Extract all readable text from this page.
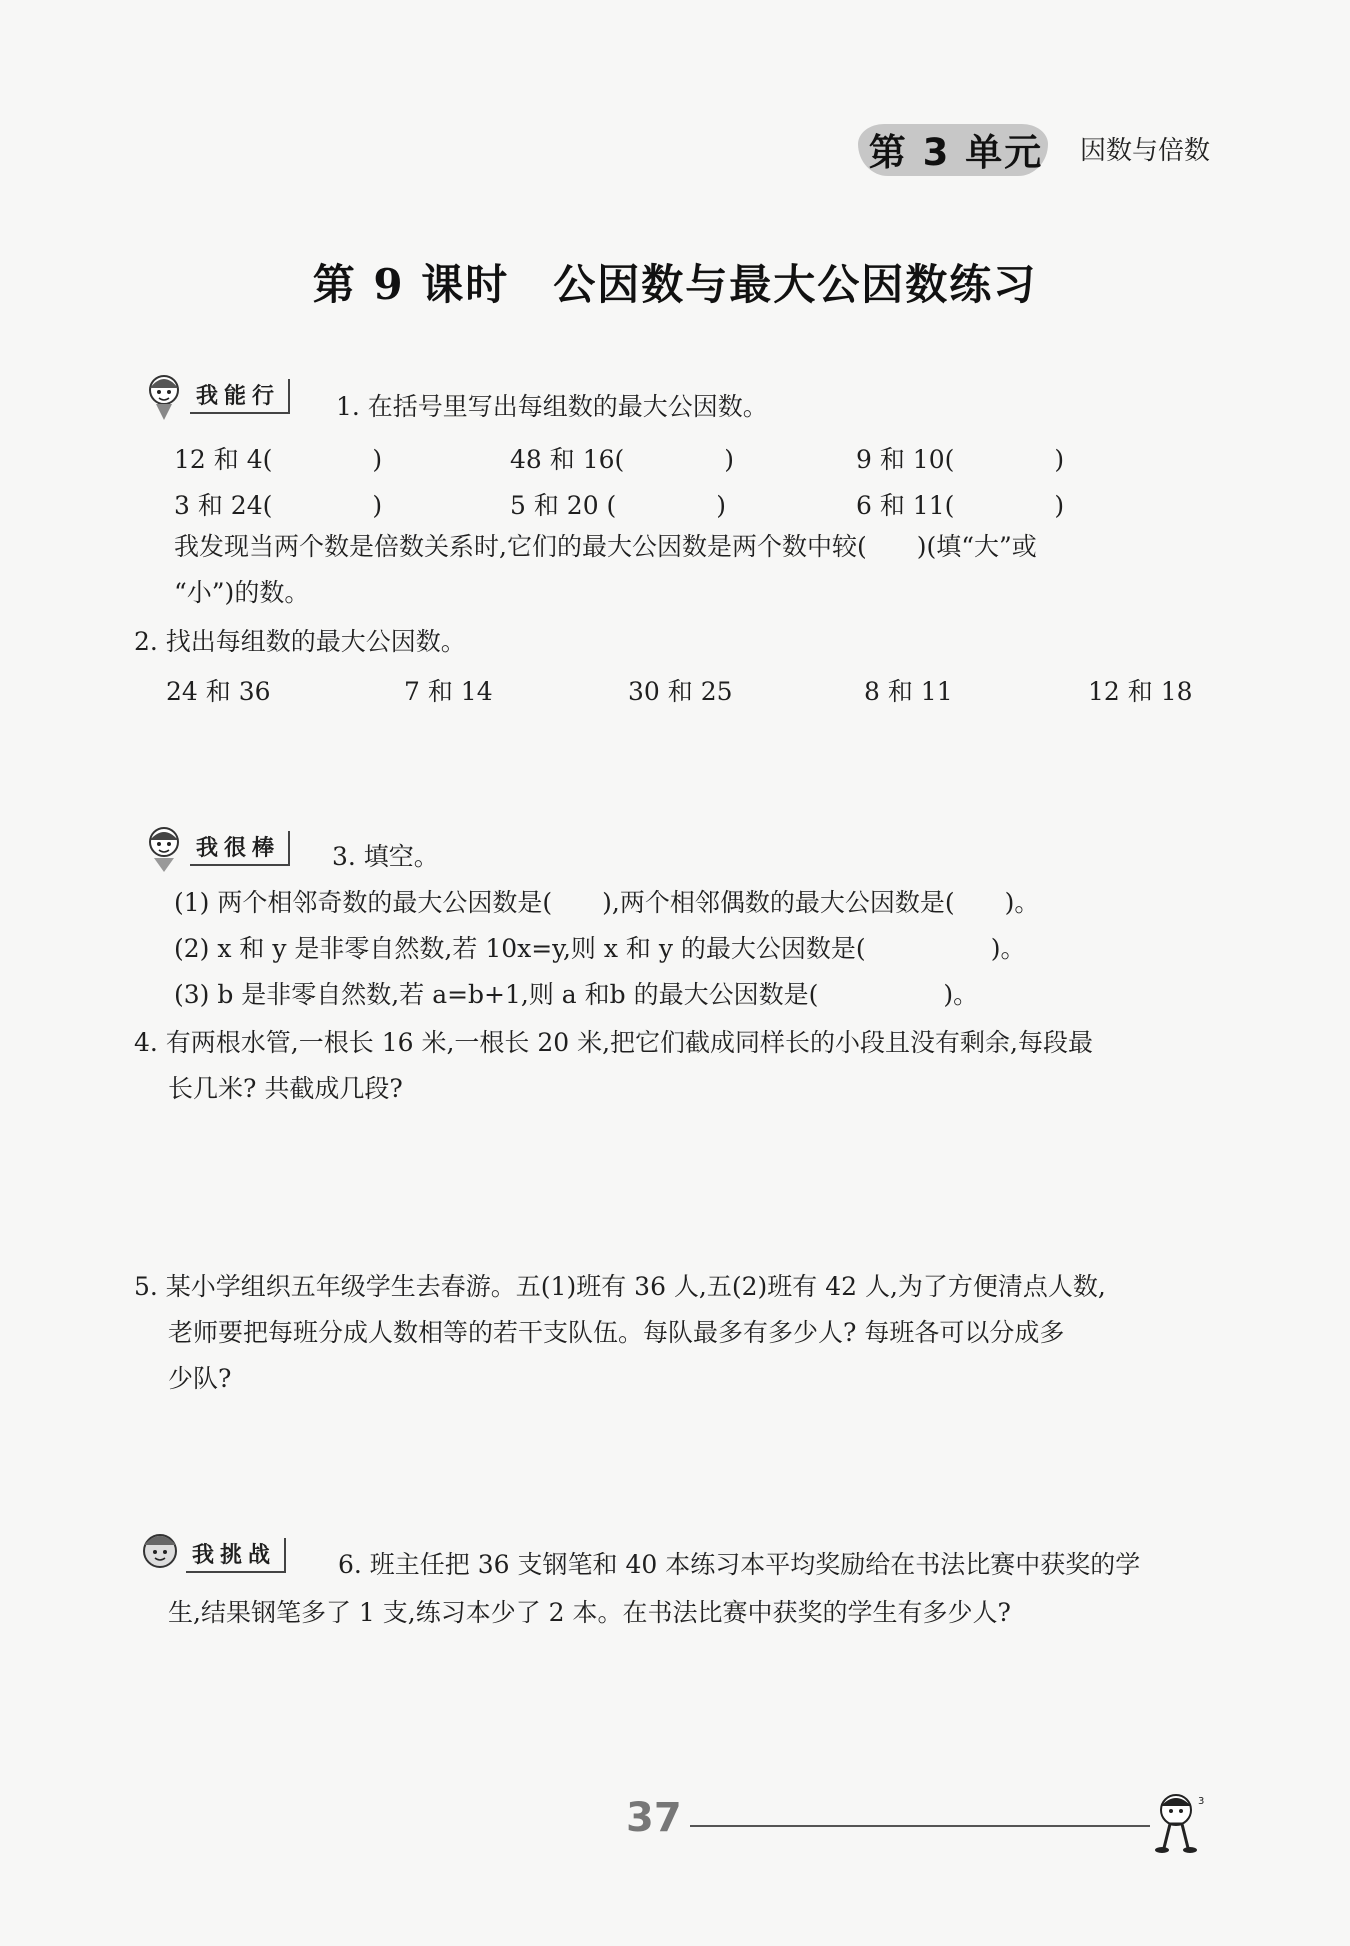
第 3 单元 因数与倍数
第 9 课时　公因数与最大公因数练习
我能行	1. 在括号里写出每组数的最大公因数。
12 和 4(　　　　)	48 和 16(　　　　)	9 和 10(　　　　)
3 和 24(　　　　)	5 和 20 (　　　　)	6 和 11(　　　　)
我发现当两个数是倍数关系时,它们的最大公因数是两个数中较(　　)(填“大”或
“小”)的数。
2. 找出每组数的最大公因数。
24 和 36	7 和 14	30 和 25	8 和 11	12 和 18
我很棒	3. 填空。
(1) 两个相邻奇数的最大公因数是(　　),两个相邻偶数的最大公因数是(　　)。
(2) x 和 y 是非零自然数,若 10x=y,则 x 和 y 的最大公因数是(　　　　　)。
(3) b 是非零自然数,若 a=b+1,则 a 和b 的最大公因数是(　　　　　)。
4. 有两根水管,一根长 16 米,一根长 20 米,把它们截成同样长的小段且没有剩余,每段最
长几米? 共截成几段?
5. 某小学组织五年级学生去春游。五(1)班有 36 人,五(2)班有 42 人,为了方便清点人数,
老师要把每班分成人数相等的若干支队伍。每队最多有多少人? 每班各可以分成多
少队?
我挑战	6. 班主任把 36 支钢笔和 40 本练习本平均奖励给在书法比赛中获奖的学
生,结果钢笔多了 1 支,练习本少了 2 本。在书法比赛中获奖的学生有多少人?
37	3
